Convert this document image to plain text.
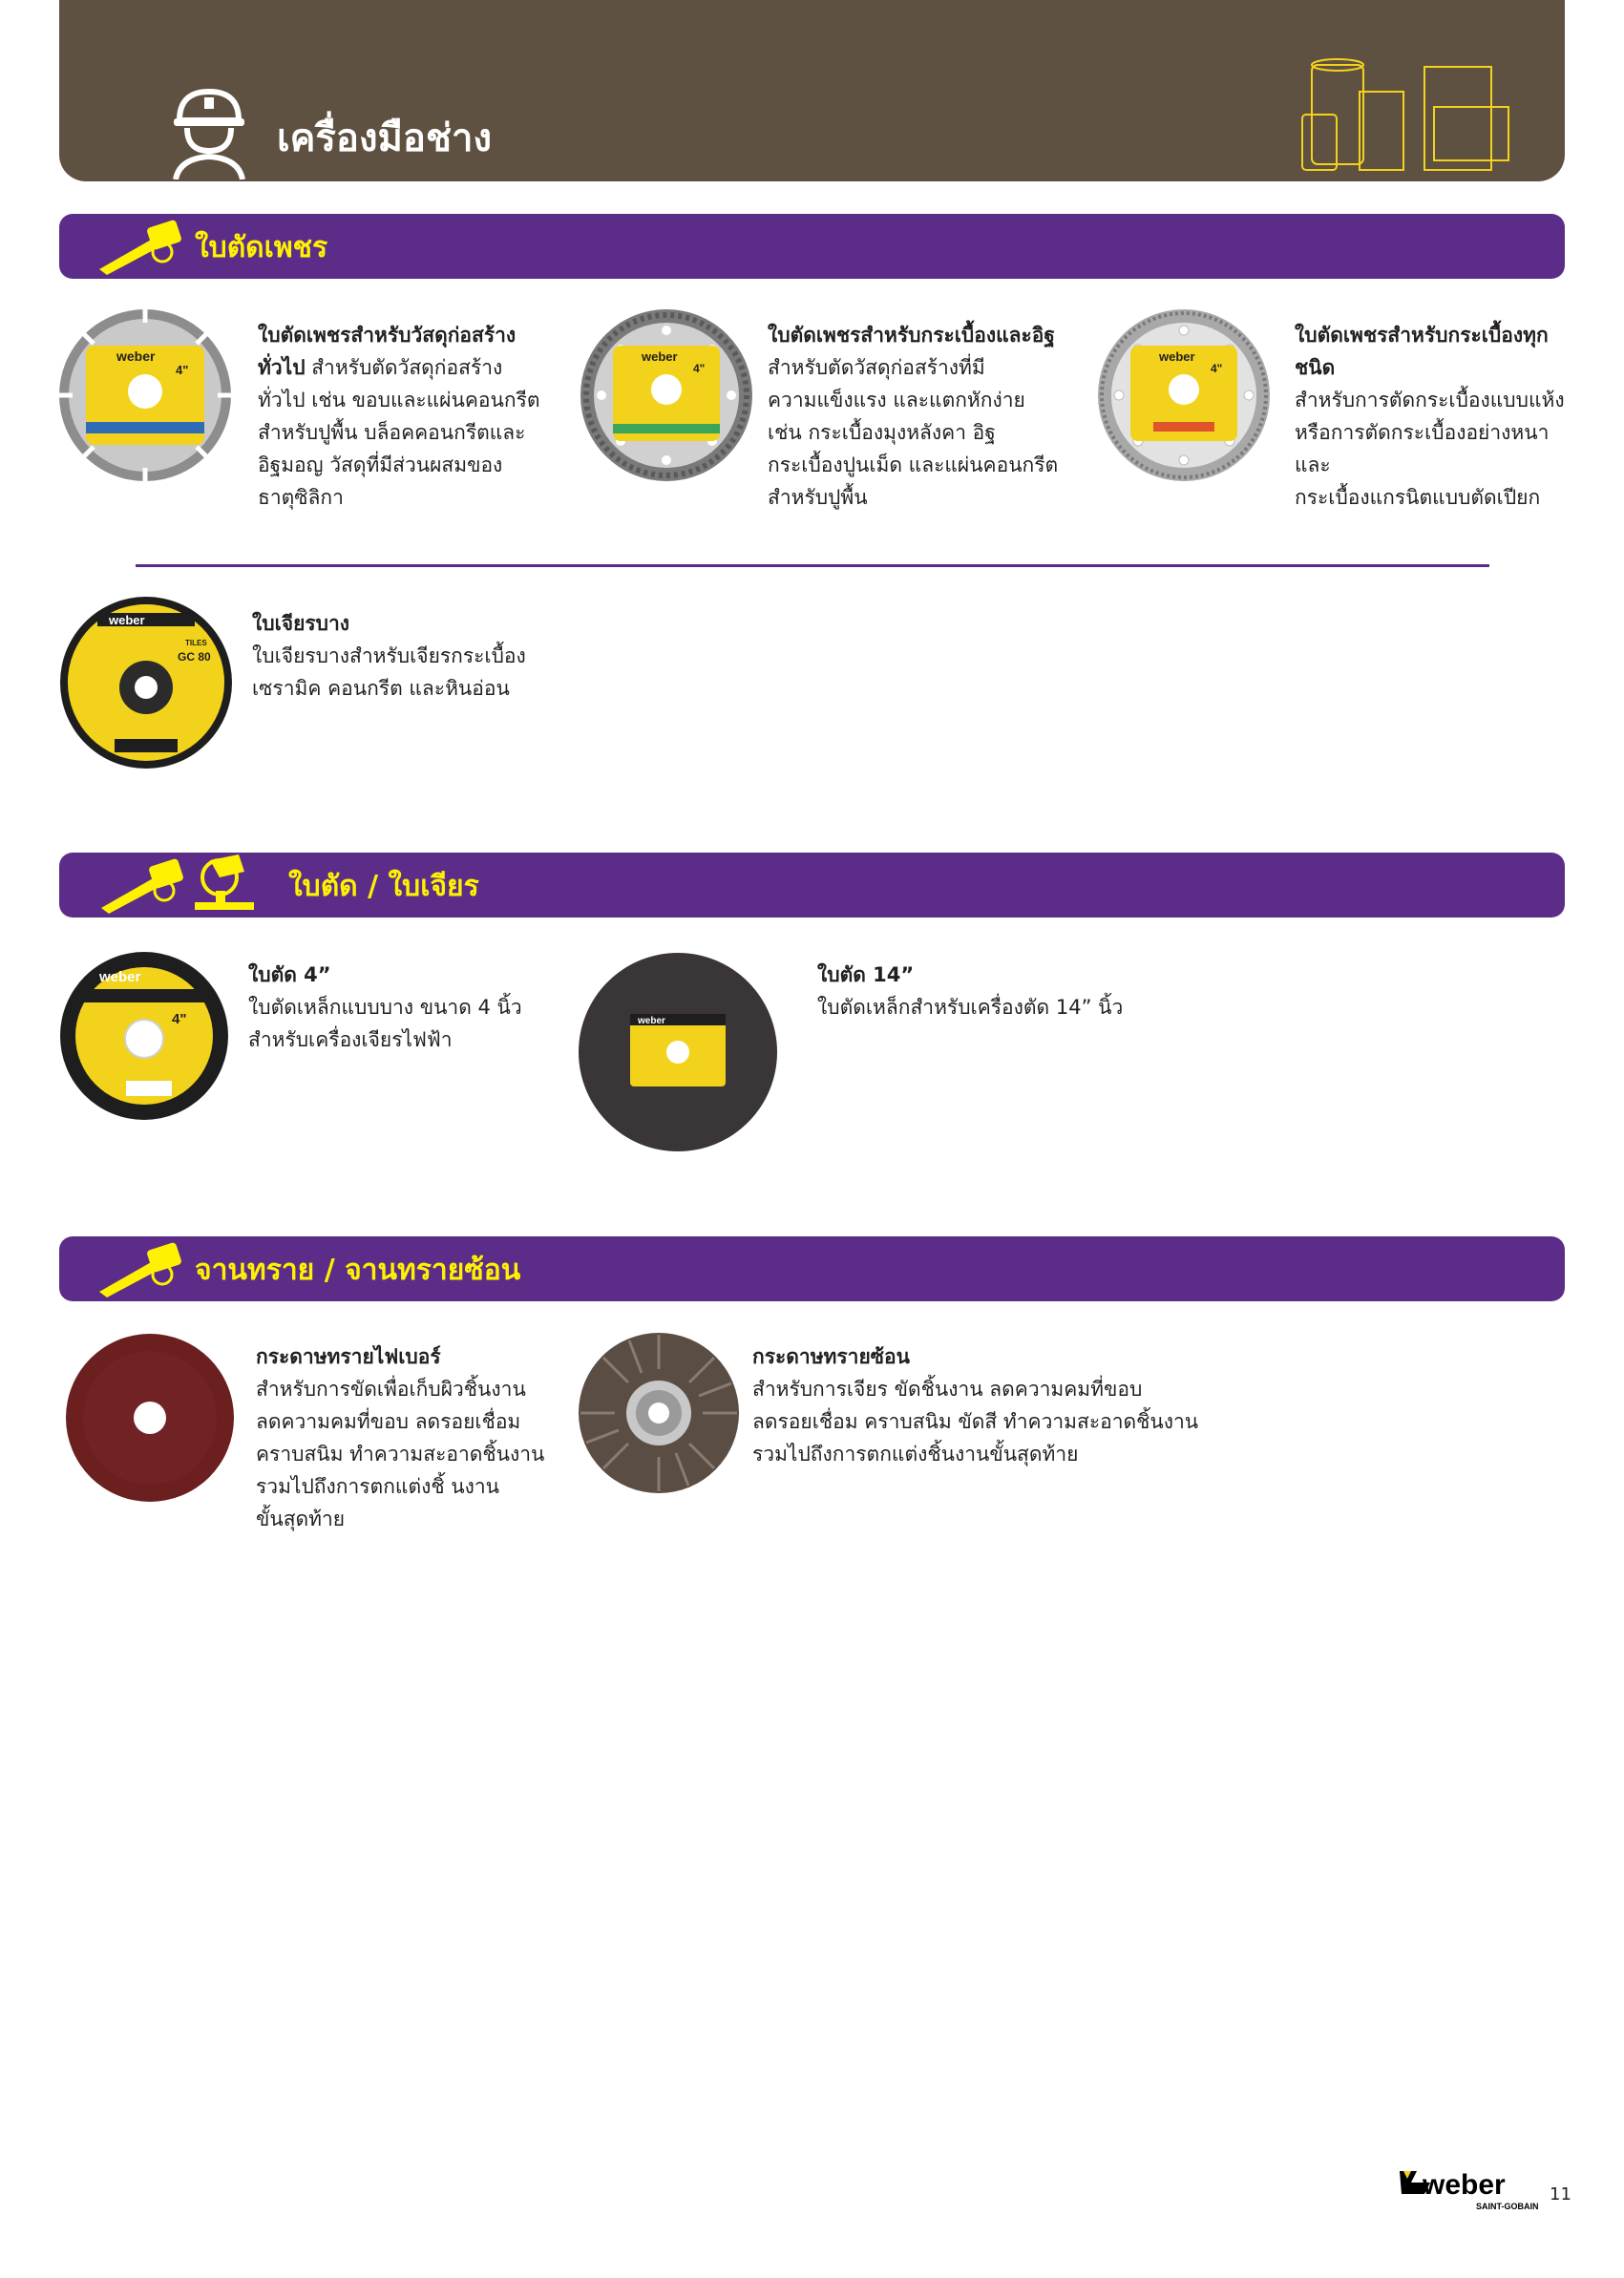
เครื่องมือช่าง
ใบตัดเพชร
weber
4"
ใบตัดเพชรสำหรับวัสดุก่อสร้าง
ทั่วไป สำหรับตัดวัสดุก่อสร้าง
ทั่วไป เช่น ขอบและแผ่นคอนกรีต
สำหรับปูพื้น บล็อคคอนกรีตและ
อิฐมอญ วัสดุที่มีส่วนผสมของ
ธาตุซิลิกา
weber
4"
ใบตัดเพชรสำหรับกระเบื้องและอิฐ
สำหรับตัดวัสดุก่อสร้างที่มี
ความแข็งแรง และแตกหักง่าย
เช่น กระเบื้องมุงหลังคา อิฐ
กระเบื้องปูนเม็ด และแผ่นคอนกรีต
สำหรับปูพื้น
weber
4"
ใบตัดเพชรสำหรับกระเบื้องทุกชนิด
สำหรับการตัดกระเบื้องแบบแห้ง
หรือการตัดกระเบื้องอย่างหนาและ
กระเบื้องแกรนิตแบบตัดเปียก
weber
TILES
GC 80
ใบเจียรบาง
ใบเจียรบางสำหรับเจียรกระเบื้อง
เซรามิค คอนกรีต และหินอ่อน
ใบตัด / ใบเจียร
weber
4"
ใบตัด 4”
ใบตัดเหล็กแบบบาง ขนาด 4 นิ้ว
สำหรับเครื่องเจียรไฟฟ้า
weber
ใบตัด 14”
ใบตัดเหล็กสำหรับเครื่องตัด 14” นิ้ว
จานทราย / จานทรายซ้อน
กระดาษทรายไฟเบอร์
สำหรับการขัดเพื่อเก็บผิวชิ้นงาน
ลดความคมที่ขอบ ลดรอยเชื่อม
คราบสนิม ทำความสะอาดชิ้นงาน
รวมไปถึงการตกแต่งชิ้ นงาน
ขั้นสุดท้าย
กระดาษทรายซ้อน
สำหรับการเจียร ขัดชิ้นงาน ลดความคมที่ขอบ
ลดรอยเชื่อม คราบสนิม ขัดสี ทำความสะอาดชิ้นงาน
รวมไปถึงการตกแต่งชิ้นงานขั้นสุดท้าย
weber
SAINT-GOBAIN
11
